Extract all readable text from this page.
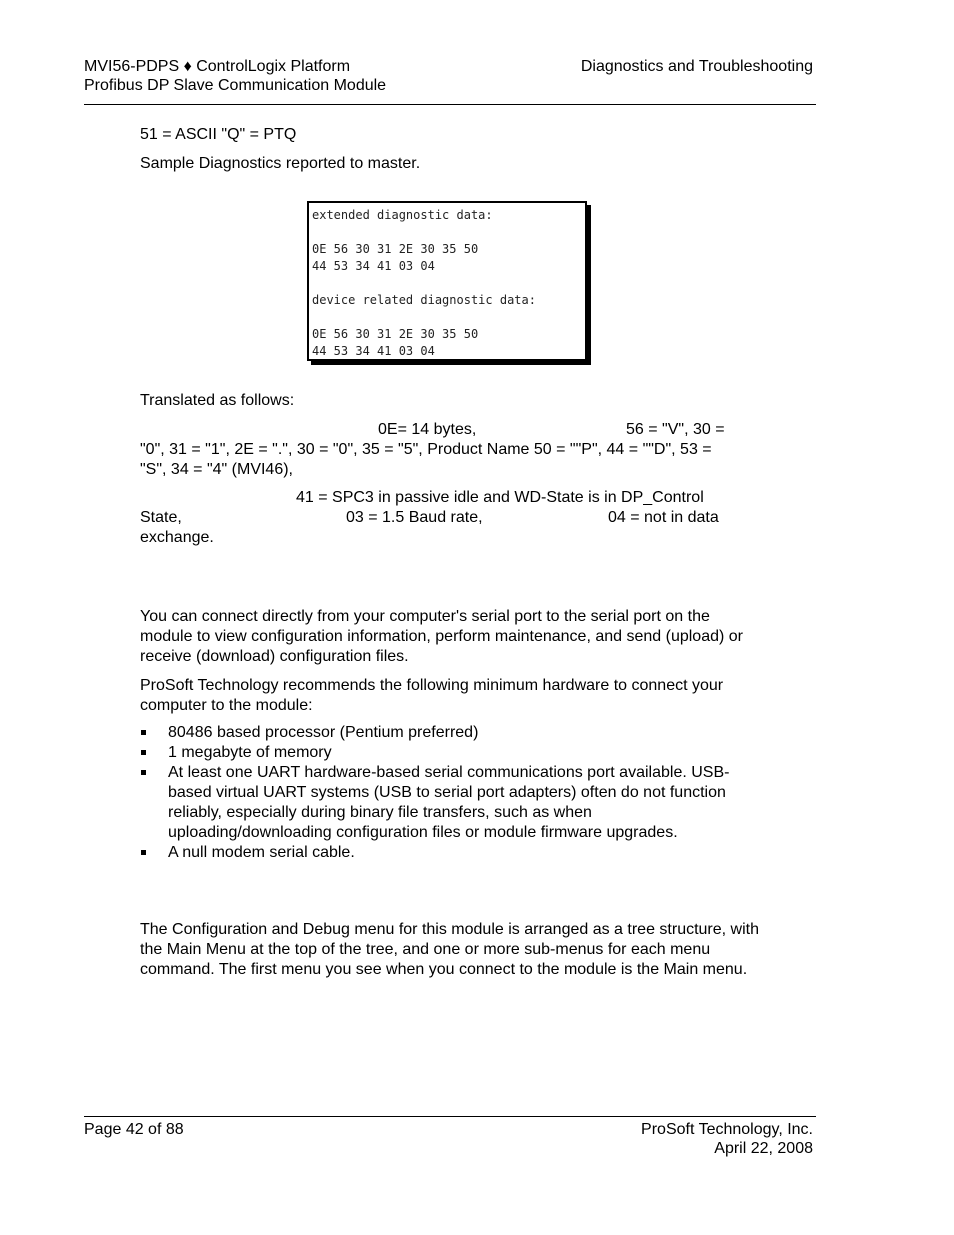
MVI56-PDPS ♦ ControlLogix Platform
Profibus DP Slave Communication Module
Diagnostics and Troubleshooting
51 = ASCII "Q" = PTQ
Sample Diagnostics reported to master.
extended diagnostic data:
0E 56 30 31 2E 30 35 50
44 53 34 41 03 04
device related diagnostic data:
0E 56 30 31 2E 30 35 50
44 53 34 41 03 04
Translated as follows:
0E= 14 bytes,	56 = "V", 30 =
"0", 31 = "1", 2E = ".", 30 = "0", 35 = "5", Product Name 50 = ""P", 44 = ""D", 53 =
"S", 34 = "4" (MVI46),
41 = SPC3 in passive idle and WD-State is in DP_Control
State,	03 = 1.5 Baud rate,	04 = not in data
exchange.
You can connect directly from your computer's serial port to the serial port on the module to view configuration information, perform maintenance, and send (upload) or receive (download) configuration files.
ProSoft Technology recommends the following minimum hardware to connect your computer to the module:
80486 based processor (Pentium preferred)
1 megabyte of memory
At least one UART hardware-based serial communications port available. USB-based virtual UART systems (USB to serial port adapters) often do not function reliably, especially during binary file transfers, such as when uploading/downloading configuration files or module firmware upgrades.
A null modem serial cable.
The Configuration and Debug menu for this module is arranged as a tree structure, with the Main Menu at the top of the tree, and one or more sub-menus for each menu command. The first menu you see when you connect to the module is the Main menu.
Page 42 of 88	ProSoft Technology, Inc.
April 22, 2008
